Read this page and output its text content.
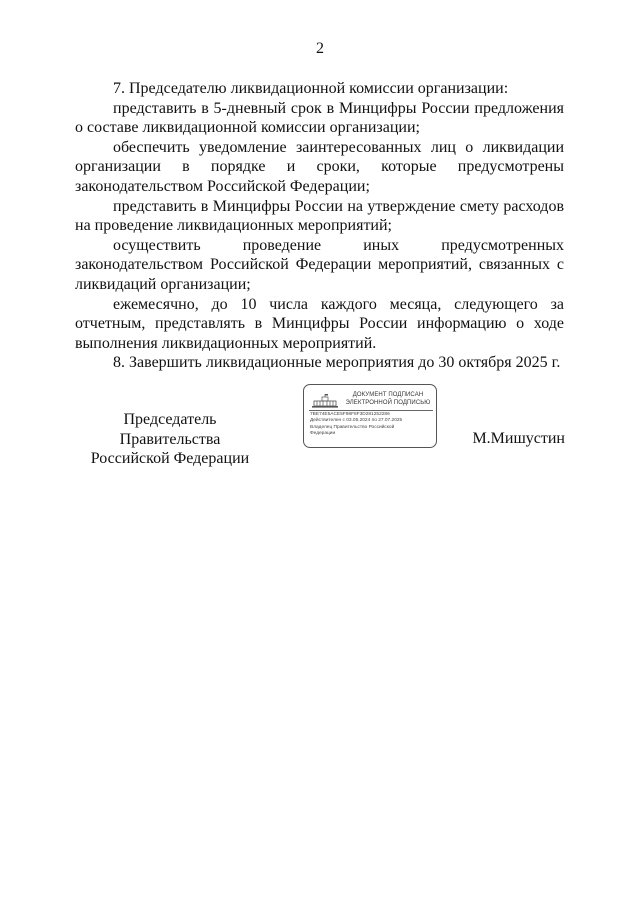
2

7. Председателю ликвидационной комиссии организации:

представить в 5-дневный срок в Минцифры России предложения о составе ликвидационной комиссии организации;

обеспечить уведомление заинтересованных лиц о ликвидации организации в порядке и сроки, которые предусмотрены законодательством Российской Федерации;

представить в Минцифры России на утверждение смету расходов на проведение ликвидационных мероприятий;

осуществить проведение иных предусмотренных законодательством Российской Федерации мероприятий, связанных с ликвидаций организации;

ежемесячно, до 10 числа каждого месяца, следующего за отчетным, представлять в Минцифры России информацию о ходе выполнения ликвидационных мероприятий.

8. Завершить ликвидационные мероприятия до 30 октября 2025 г.

Председатель Правительства
Российской Федерации
ДОКУМЕНТ ПОДПИСАН
ЭЛЕКТРОННОЙ ПОДПИСЬЮ
7BE74E5ACE5F98F8F3D281252286
Действителен с 03.05.2024 по 27.07.2025
Владелец Правительство Российской
Федерации	М.Мишустин
